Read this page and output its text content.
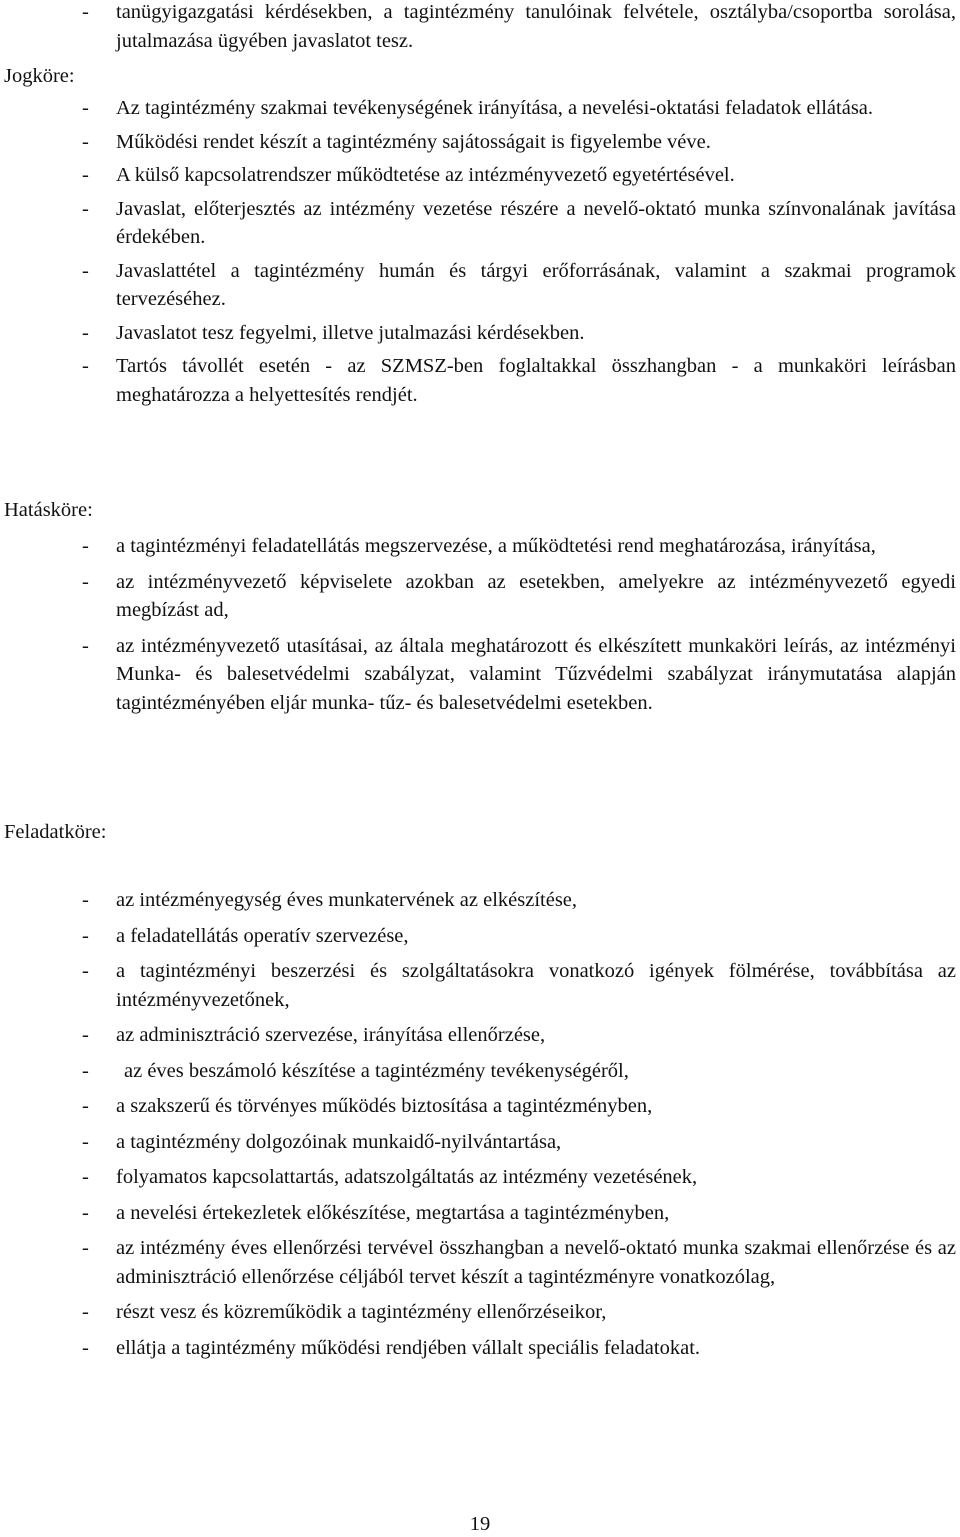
- tanügyigazgatási kérdésekben, a tagintézmény tanulóinak felvétele, osztályba/csoportba sorolása, jutalmazása ügyében javaslatot tesz.
Jogköre:
- Az tagintézmény szakmai tevékenységének irányítása, a nevelési-oktatási feladatok ellátása.
- Működési rendet készít a tagintézmény sajátosságait is figyelembe véve.
- A külső kapcsolatrendszer működtetése az intézményvezető egyetértésével.
- Javaslat, előterjesztés az intézmény vezetése részére a nevelő-oktató munka színvonalának javítása érdekében.
- Javaslattétel a tagintézmény humán és tárgyi erőforrásának, valamint a szakmai programok tervezéséhez.
- Javaslatot tesz fegyelmi, illetve jutalmazási kérdésekben.
- Tartós távollét esetén - az SZMSZ-ben foglaltakkal összhangban - a munkaköri leírásban meghatározza a helyettesítés rendjét.
Hatásköre:
- a tagintézményi feladatellátás megszervezése, a működtetési rend meghatározása, irányítása,
- az intézményvezető képviselete azokban az esetekben, amelyekre az intézményvezető egyedi megbízást ad,
- az intézményvezető utasításai, az általa meghatározott és elkészített munkaköri leírás, az intézményi Munka- és balesetvédelmi szabályzat, valamint Tűzvédelmi szabályzat iránymutatása alapján tagintézményében eljár munka- tűz- és balesetvédelmi esetekben.
Feladatköre:
- az intézményegység éves munkatervének az elkészítése,
- a feladatellátás operatív szervezése,
- a tagintézményi beszerzési és szolgáltatásokra vonatkozó igények fölmérése, továbbítása az intézményvezetőnek,
- az adminisztráció szervezése, irányítása ellenőrzése,
-	az éves beszámoló készítése a tagintézmény tevékenységéről,
- a szakszerű és törvényes működés biztosítása a tagintézményben,
- a tagintézmény dolgozóinak munkaidő-nyilvántartása,
- folyamatos kapcsolattartás, adatszolgáltatás az intézmény vezetésének,
- a nevelési értekezletek előkészítése, megtartása a tagintézményben,
- az intézmény éves ellenőrzési tervével összhangban a nevelő-oktató munka szakmai ellenőrzése és az adminisztráció ellenőrzése céljából tervet készít a tagintézményre vonatkozólag,
- részt vesz és közreműködik a tagintézmény ellenőrzéseikor,
- ellátja a tagintézmény működési rendjében vállalt speciális feladatokat.
19
